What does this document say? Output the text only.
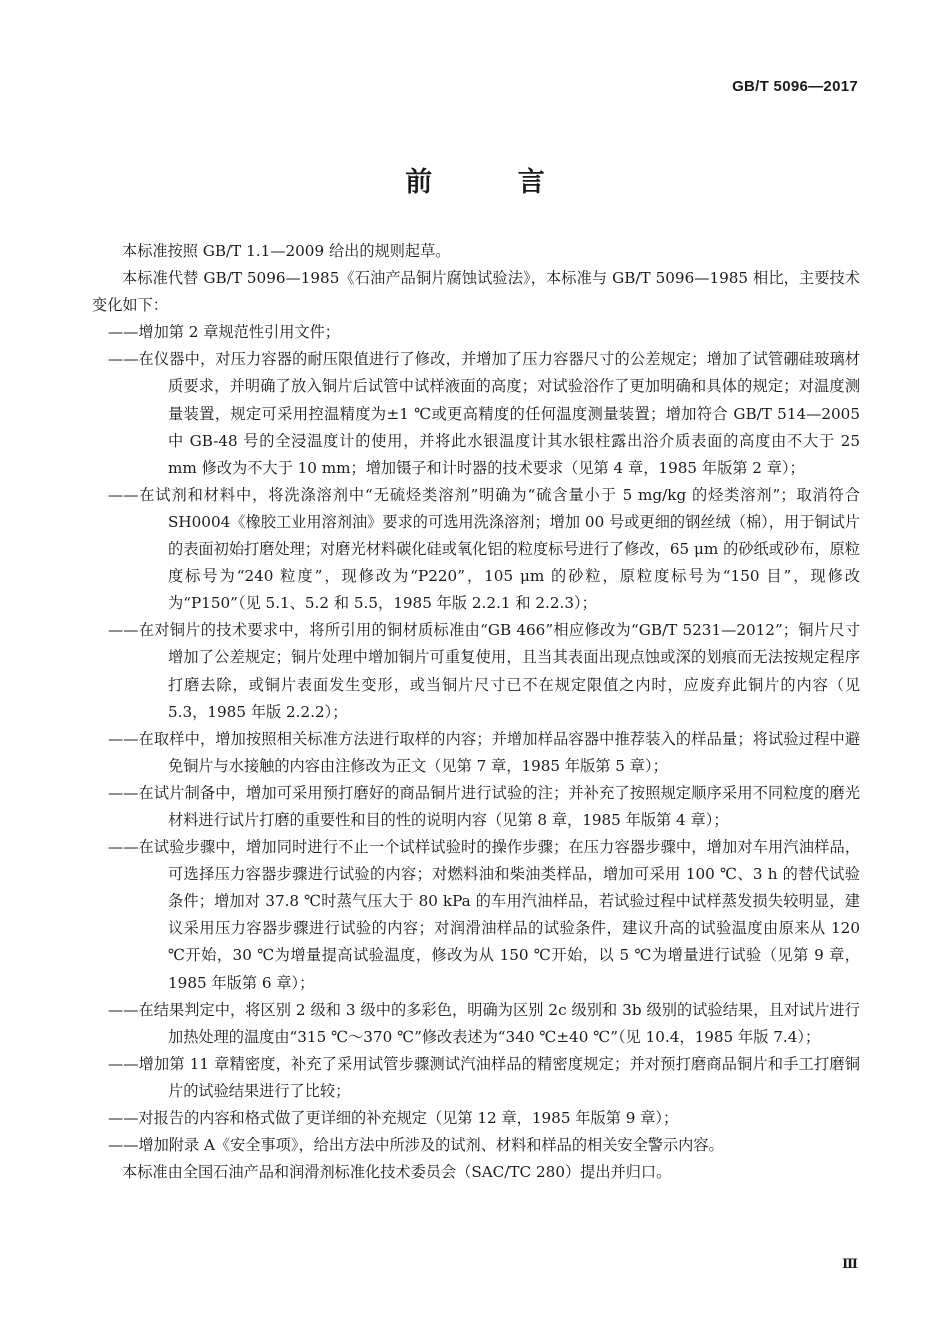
GB/T 5096—2017
前 言

本标准按照 GB/T 1.1—2009 给出的规则起草。

本标准代替 GB/T 5096—1985《石油产品铜片腐蚀试验法》，本标准与 GB/T 5096—1985 相比，主要技术变化如下：

——增加第 2 章规范性引用文件；

——在仪器中，对压力容器的耐压限值进行了修改，并增加了压力容器尺寸的公差规定；增加了试管硼硅玻璃材质要求，并明确了放入铜片后试管中试样液面的高度；对试验浴作了更加明确和具体的规定；对温度测量装置，规定可采用控温精度为±1 ℃或更高精度的任何温度测量装置；增加符合 GB/T 514—2005 中 GB-48 号的全浸温度计的使用，并将此水银温度计其水银柱露出浴介质表面的高度由不大于 25 mm 修改为不大于 10 mm；增加镊子和计时器的技术要求（见第 4 章，1985 年版第 2 章）；

——在试剂和材料中，将洗涤溶剂中“无硫烃类溶剂”明确为“硫含量小于 5 mg/kg 的烃类溶剂”；取消符合 SH0004《橡胶工业用溶剂油》要求的可选用洗涤溶剂；增加 00 号或更细的钢丝绒（棉），用于铜试片的表面初始打磨处理；对磨光材料碳化硅或氧化铝的粒度标号进行了修改，65 μm 的砂纸或砂布，原粒度标号为“240 粒度”，现修改为“P220”，105 μm 的砂粒，原粒度标号为“150 目”，现修改为“P150”（见 5.1、5.2 和 5.5，1985 年版 2.2.1 和 2.2.3）；

——在对铜片的技术要求中，将所引用的铜材质标准由“GB 466”相应修改为“GB/T 5231—2012”；铜片尺寸增加了公差规定；铜片处理中增加铜片可重复使用，且当其表面出现点蚀或深的划痕而无法按规定程序打磨去除，或铜片表面发生变形，或当铜片尺寸已不在规定限值之内时，应废弃此铜片的内容（见 5.3，1985 年版 2.2.2）；

——在取样中，增加按照相关标准方法进行取样的内容；并增加样品容器中推荐装入的样品量；将试验过程中避免铜片与水接触的内容由注修改为正文（见第 7 章，1985 年版第 5 章）；

——在试片制备中，增加可采用预打磨好的商品铜片进行试验的注；并补充了按照规定顺序采用不同粒度的磨光材料进行试片打磨的重要性和目的性的说明内容（见第 8 章，1985 年版第 4 章）；

——在试验步骤中，增加同时进行不止一个试样试验时的操作步骤；在压力容器步骤中，增加对车用汽油样品，可选择压力容器步骤进行试验的内容；对燃料油和柴油类样品，增加可采用 100 ℃、3 h 的替代试验条件；增加对 37.8 ℃时蒸气压大于 80 kPa 的车用汽油样品，若试验过程中试样蒸发损失较明显，建议采用压力容器步骤进行试验的内容；对润滑油样品的试验条件，建议升高的试验温度由原来从 120 ℃开始，30 ℃为增量提高试验温度，修改为从 150 ℃开始，以 5 ℃为增量进行试验（见第 9 章，1985 年版第 6 章）；

——在结果判定中，将区别 2 级和 3 级中的多彩色，明确为区别 2c 级别和 3b 级别的试验结果，且对试片进行加热处理的温度由“315 ℃～370 ℃”修改表述为“340 ℃±40 ℃”（见 10.4，1985 年版 7.4）；

——增加第 11 章精密度，补充了采用试管步骤测试汽油样品的精密度规定；并对预打磨商品铜片和手工打磨铜片的试验结果进行了比较；

——对报告的内容和格式做了更详细的补充规定（见第 12 章，1985 年版第 9 章）；

——增加附录 A《安全事项》，给出方法中所涉及的试剂、材料和样品的相关安全警示内容。

本标准由全国石油产品和润滑剂标准化技术委员会（SAC/TC 280）提出并归口。

Ⅲ
